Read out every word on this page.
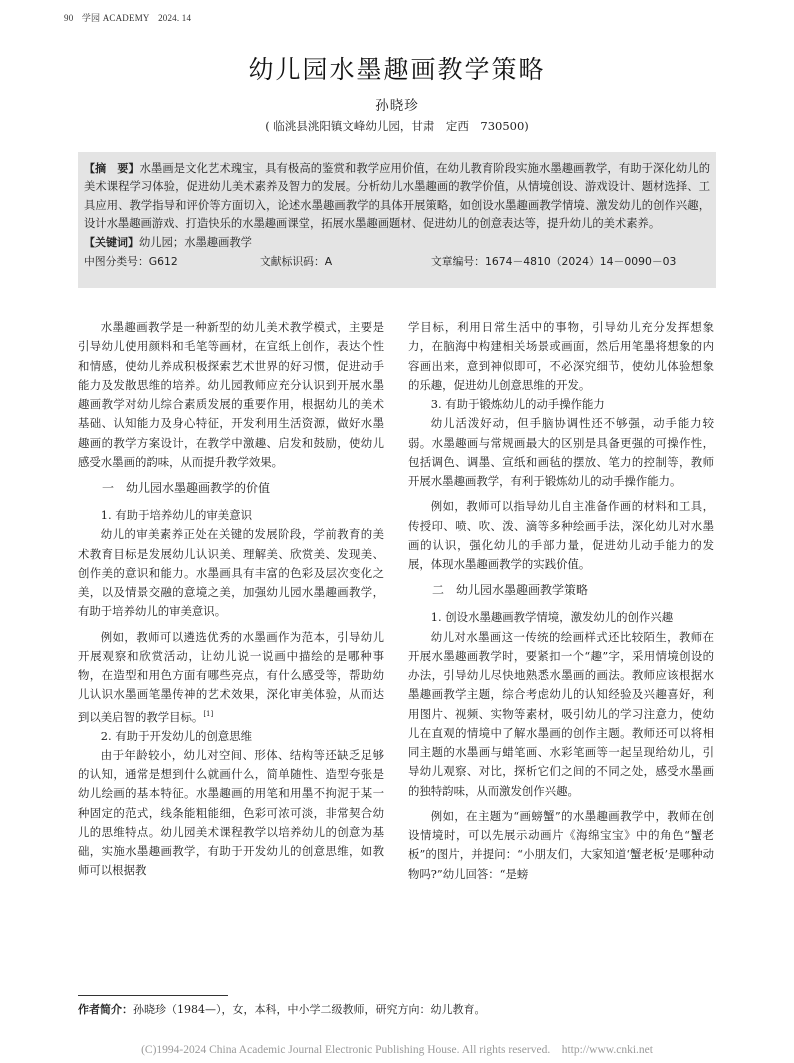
90 学园 ACADEMY 2024. 14
幼儿园水墨趣画教学策略
孙晓珍
( 临洮县洮阳镇文峰幼儿园，甘肃　定西　730500)

【摘　要】水墨画是文化艺术瑰宝，具有极高的鉴赏和教学应用价值，在幼儿教育阶段实施水墨趣画教学，有助于深化幼儿的美术课程学习体验，促进幼儿美术素养及智力的发展。分析幼儿水墨趣画的教学价值，从情境创设、游戏设计、题材选择、工具应用、教学指导和评价等方面切入，论述水墨趣画教学的具体开展策略，如创设水墨趣画教学情境、激发幼儿的创作兴趣，设计水墨趣画游戏、打造快乐的水墨趣画课堂，拓展水墨趣画题材、促进幼儿的创意表达等，提升幼儿的美术素养。

【关键词】幼儿园；水墨趣画教学

中图分类号：G612	文献标识码：A	文章编号：1674－4810（2024）14－0090－03

水墨趣画教学是一种新型的幼儿美术教学模式，主要是引导幼儿使用颜料和毛笔等画材，在宣纸上创作，表达个性和情感，使幼儿养成积极探索艺术世界的好习惯，促进动手能力及发散思维的培养。幼儿园教师应充分认识到开展水墨趣画教学对幼儿综合素质发展的重要作用，根据幼儿的美术基础、认知能力及身心特征，开发利用生活资源，做好水墨趣画的教学方案设计，在教学中激趣、启发和鼓励，使幼儿感受水墨画的韵味，从而提升教学效果。

一　幼儿园水墨趣画教学的价值
1. 有助于培养幼儿的审美意识

幼儿的审美素养正处在关键的发展阶段，学前教育的美术教育目标是发展幼儿认识美、理解美、欣赏美、发现美、创作美的意识和能力。水墨画具有丰富的色彩及层次变化之美，以及情景交融的意境之美，加强幼儿园水墨趣画教学，有助于培养幼儿的审美意识。

例如，教师可以遴选优秀的水墨画作为范本，引导幼儿开展观察和欣赏活动，让幼儿说一说画中描绘的是哪种事物，在造型和用色方面有哪些亮点，有什么感受等，帮助幼儿认识水墨画笔墨传神的艺术效果，深化审美体验，从而达到以美启智的教学目标。[1]

2. 有助于开发幼儿的创意思维

由于年龄较小，幼儿对空间、形体、结构等还缺乏足够的认知，通常是想到什么就画什么，简单随性、造型夸张是幼儿绘画的基本特征。水墨趣画的用笔和用墨不拘泥于某一种固定的范式，线条能粗能细，色彩可浓可淡，非常契合幼儿的思维特点。幼儿园美术课程教学以培养幼儿的创意为基础，实施水墨趣画教学，有助于开发幼儿的创意思维，如教师可以根据教

学目标，利用日常生活中的事物，引导幼儿充分发挥想象力，在脑海中构建相关场景或画面，然后用笔墨将想象的内容画出来，意到神似即可，不必深究细节，使幼儿体验想象的乐趣，促进幼儿创意思维的开发。

3. 有助于锻炼幼儿的动手操作能力

幼儿活泼好动，但手脑协调性还不够强，动手能力较弱。水墨趣画与常规画最大的区别是具备更强的可操作性，包括调色、调墨、宣纸和画毡的摆放、笔力的控制等，教师开展水墨趣画教学，有利于锻炼幼儿的动手操作能力。

例如，教师可以指导幼儿自主准备作画的材料和工具，传授印、喷、吹、泼、滴等多种绘画手法，深化幼儿对水墨画的认识，强化幼儿的手部力量，促进幼儿动手能力的发展，体现水墨趣画教学的实践价值。

二　幼儿园水墨趣画教学策略
1. 创设水墨趣画教学情境，激发幼儿的创作兴趣

幼儿对水墨画这一传统的绘画样式还比较陌生，教师在开展水墨趣画教学时，要紧扣一个“趣”字，采用情境创设的办法，引导幼儿尽快地熟悉水墨画的画法。教师应该根据水墨趣画教学主题，综合考虑幼儿的认知经验及兴趣喜好，利用图片、视频、实物等素材，吸引幼儿的学习注意力，使幼儿在直观的情境中了解水墨画的创作主题。教师还可以将相同主题的水墨画与蜡笔画、水彩笔画等一起呈现给幼儿，引导幼儿观察、对比，探析它们之间的不同之处，感受水墨画的独特韵味，从而激发创作兴趣。

例如，在主题为“画螃蟹”的水墨趣画教学中，教师在创设情境时，可以先展示动画片《海绵宝宝》中的角色“蟹老板”的图片，并提问：“小朋友们，大家知道‘蟹老板’是哪种动物吗?”幼儿回答：“是螃

作者简介：孙晓珍（1984—），女，本科，中小学二级教师，研究方向：幼儿教育。
(C)1994-2024 China Academic Journal Electronic Publishing House. All rights reserved.　http://www.cnki.net
